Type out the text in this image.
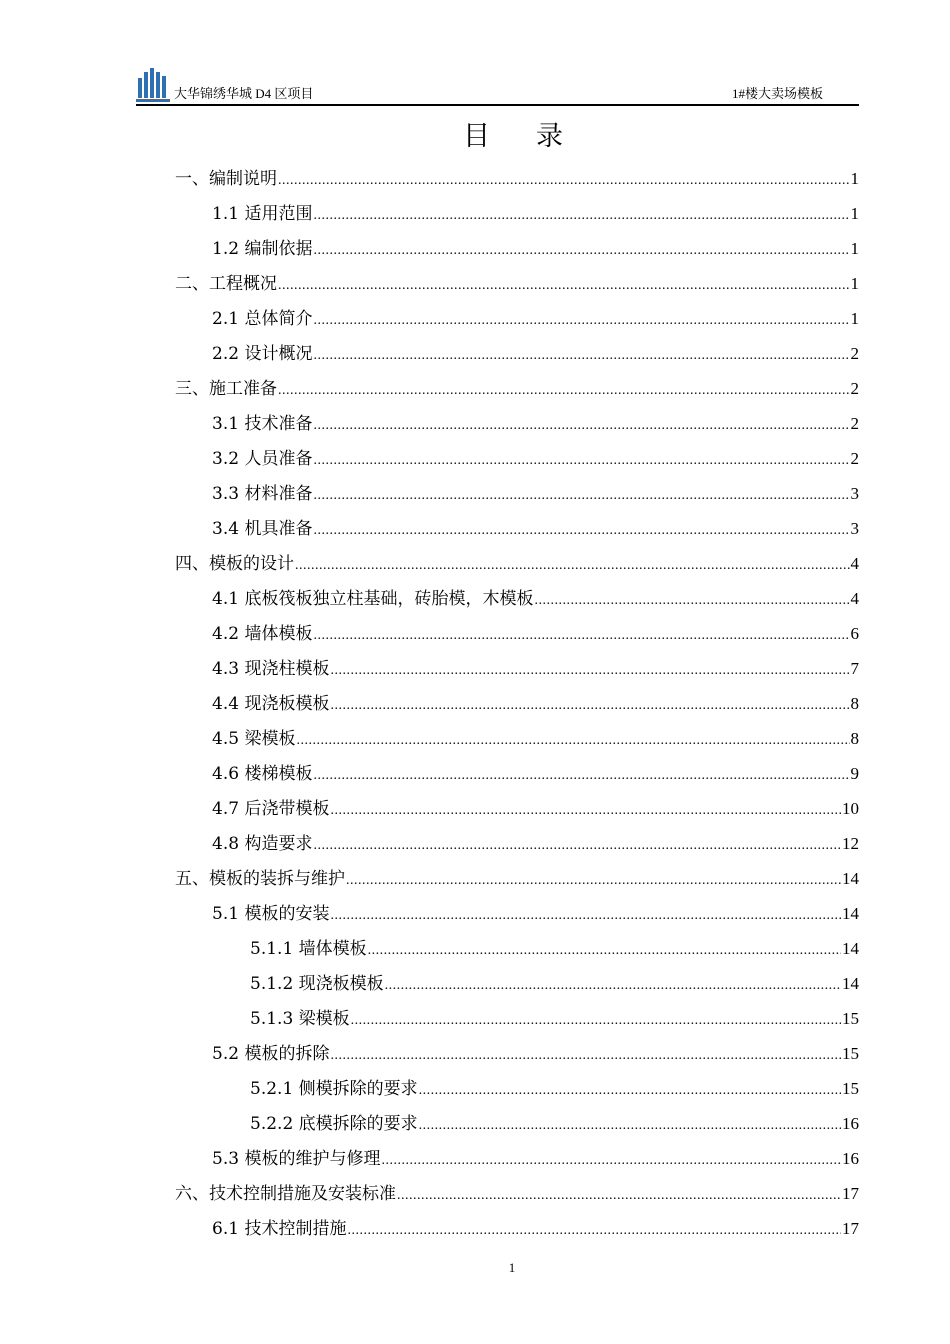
大华锦绣华城 D4 区项目	1#楼大卖场模板
目录
一、编制说明 .....	1
1.1 适用范围 .....	1
1.2 编制依据 .....	1
二、工程概况 .....	1
2.1 总体简介 .....	1
2.2 设计概况 .....	2
三、施工准备 .....	2
3.1 技术准备 .....	2
3.2 人员准备 .....	2
3.3 材料准备 .....	3
3.4 机具准备 .....	3
四、模板的设计 .....	4
4.1 底板筏板独立柱基础，砖胎模，木模板 .....	4
4.2 墙体模板 .....	6
4.3 现浇柱模板 .....	7
4.4 现浇板模板 .....	8
4.5 梁模板 .....	8
4.6 楼梯模板 .....	9
4.7 后浇带模板 .....	10
4.8 构造要求 .....	12
五、模板的装拆与维护 .....	14
5.1 模板的安装 .....	14
5.1.1 墙体模板 .....	14
5.1.2 现浇板模板 .....	14
5.1.3 梁模板 .....	15
5.2 模板的拆除 .....	15
5.2.1 侧模拆除的要求 .....	15
5.2.2 底模拆除的要求 .....	16
5.3 模板的维护与修理 .....	16
六、技术控制措施及安装标准 .....	17
6.1 技术控制措施 .....	17
1
